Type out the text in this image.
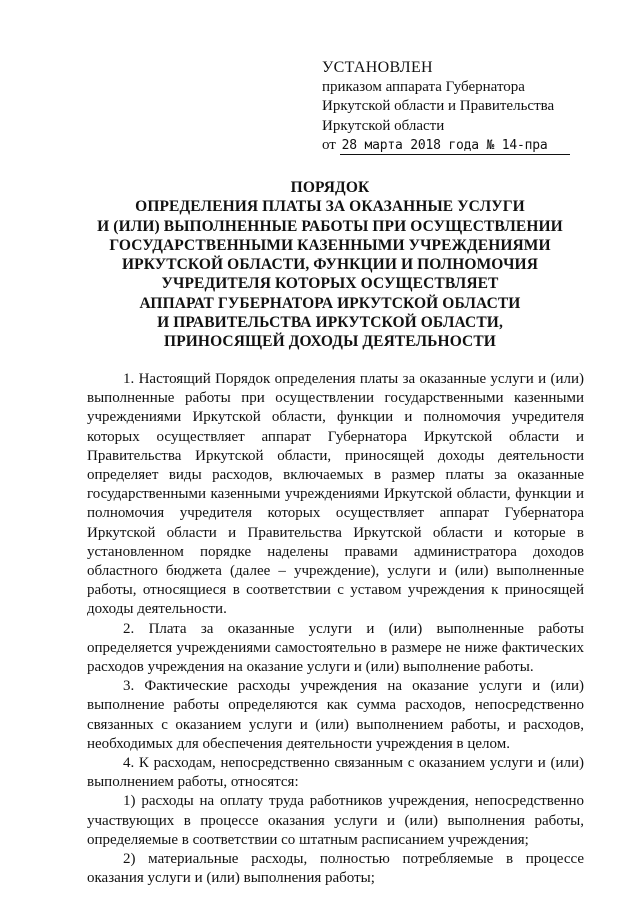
УСТАНОВЛЕН
приказом аппарата Губернатора
Иркутской области и Правительства
Иркутской области
от 28 марта 2018 года № 14-пра
ПОРЯДОК
ОПРЕДЕЛЕНИЯ ПЛАТЫ ЗА ОКАЗАННЫЕ УСЛУГИ
И (ИЛИ) ВЫПОЛНЕННЫЕ РАБОТЫ ПРИ ОСУЩЕСТВЛЕНИИ
ГОСУДАРСТВЕННЫМИ КАЗЕННЫМИ УЧРЕЖДЕНИЯМИ
ИРКУТСКОЙ ОБЛАСТИ, ФУНКЦИИ И ПОЛНОМОЧИЯ
УЧРЕДИТЕЛЯ КОТОРЫХ ОСУЩЕСТВЛЯЕТ
АППАРАТ ГУБЕРНАТОРА ИРКУТСКОЙ ОБЛАСТИ
И ПРАВИТЕЛЬСТВА ИРКУТСКОЙ ОБЛАСТИ,
ПРИНОСЯЩЕЙ ДОХОДЫ ДЕЯТЕЛЬНОСТИ

1. Настоящий Порядок определения платы за оказанные услуги и (или) выполненные работы при осуществлении государственными казенными учреждениями Иркутской области, функции и полномочия учредителя которых осуществляет аппарат Губернатора Иркутской области и Правительства Иркутской области, приносящей доходы деятельности определяет виды расходов, включаемых в размер платы за оказанные государственными казенными учреждениями Иркутской области, функции и полномочия учредителя которых осуществляет аппарат Губернатора Иркутской области и Правительства Иркутской области и которые в установленном порядке наделены правами администратора доходов областного бюджета (далее – учреждение), услуги и (или) выполненные работы, относящиеся в соответствии с уставом учреждения к приносящей доходы деятельности.

2. Плата за оказанные услуги и (или) выполненные работы определяется учреждениями самостоятельно в размере не ниже фактических расходов учреждения на оказание услуги и (или) выполнение работы.

3. Фактические расходы учреждения на оказание услуги и (или) выполнение работы определяются как сумма расходов, непосредственно связанных с оказанием услуги и (или) выполнением работы, и расходов, необходимых для обеспечения деятельности учреждения в целом.

4. К расходам, непосредственно связанным с оказанием услуги и (или) выполнением работы, относятся:

1) расходы на оплату труда работников учреждения, непосредственно участвующих в процессе оказания услуги и (или) выполнения работы, определяемые в соответствии со штатным расписанием учреждения;

2) материальные расходы, полностью потребляемые в процессе оказания услуги и (или) выполнения работы;
